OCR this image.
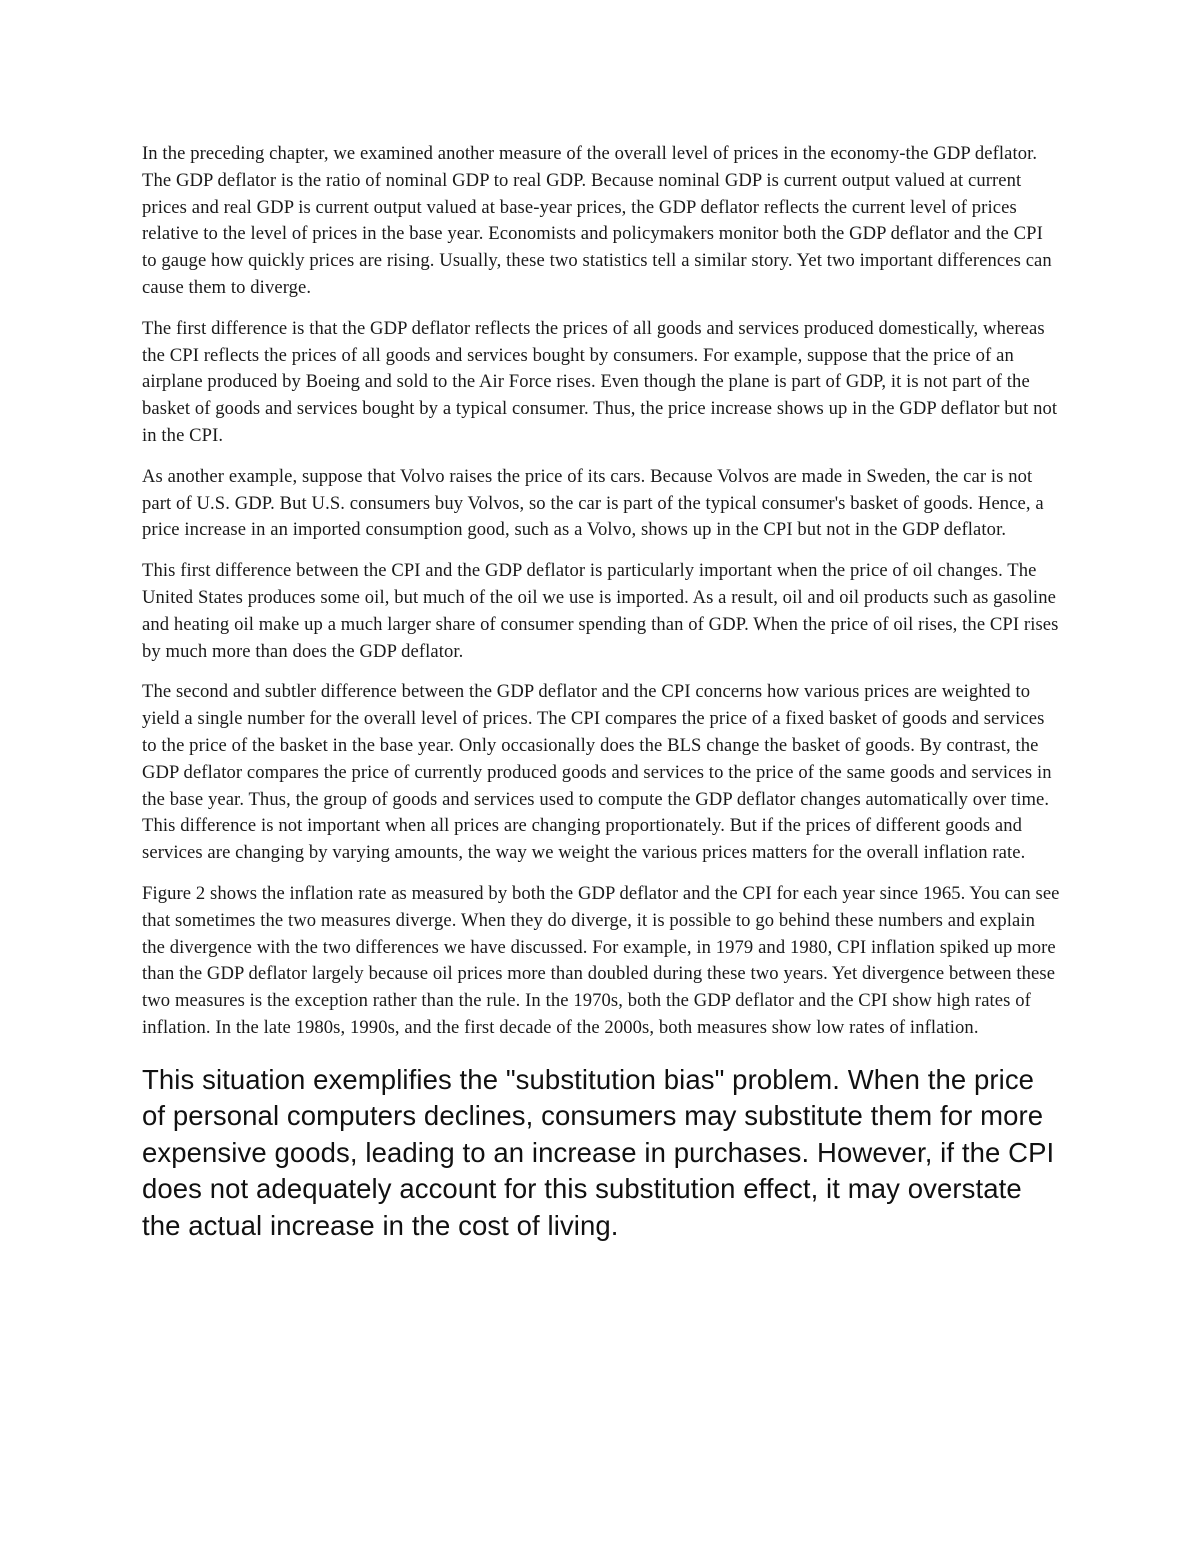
In the preceding chapter, we examined another measure of the overall level of prices in the economy-the GDP deflator. The GDP deflator is the ratio of nominal GDP to real GDP. Because nominal GDP is current output valued at current prices and real GDP is current output valued at base-year prices, the GDP deflator reflects the current level of prices relative to the level of prices in the base year. Economists and policymakers monitor both the GDP deflator and the CPI to gauge how quickly prices are rising. Usually, these two statistics tell a similar story. Yet two important differences can cause them to diverge.

The first difference is that the GDP deflator reflects the prices of all goods and services produced domestically, whereas the CPI reflects the prices of all goods and services bought by consumers. For example, suppose that the price of an airplane produced by Boeing and sold to the Air Force rises. Even though the plane is part of GDP, it is not part of the basket of goods and services bought by a typical consumer. Thus, the price increase shows up in the GDP deflator but not in the CPI.

As another example, suppose that Volvo raises the price of its cars. Because Volvos are made in Sweden, the car is not part of U.S. GDP. But U.S. consumers buy Volvos, so the car is part of the typical consumer's basket of goods. Hence, a price increase in an imported consumption good, such as a Volvo, shows up in the CPI but not in the GDP deflator.

This first difference between the CPI and the GDP deflator is particularly important when the price of oil changes. The United States produces some oil, but much of the oil we use is imported. As a result, oil and oil products such as gasoline and heating oil make up a much larger share of consumer spending than of GDP. When the price of oil rises, the CPI rises by much more than does the GDP deflator.

The second and subtler difference between the GDP deflator and the CPI concerns how various prices are weighted to yield a single number for the overall level of prices. The CPI compares the price of a fixed basket of goods and services to the price of the basket in the base year. Only occasionally does the BLS change the basket of goods. By contrast, the GDP deflator compares the price of currently produced goods and services to the price of the same goods and services in the base year. Thus, the group of goods and services used to compute the GDP deflator changes automatically over time. This difference is not important when all prices are changing proportionately. But if the prices of different goods and services are changing by varying amounts, the way we weight the various prices matters for the overall inflation rate.

Figure 2 shows the inflation rate as measured by both the GDP deflator and the CPI for each year since 1965. You can see that sometimes the two measures diverge. When they do diverge, it is possible to go behind these numbers and explain the divergence with the two differences we have discussed. For example, in 1979 and 1980, CPI inflation spiked up more than the GDP deflator largely because oil prices more than doubled during these two years. Yet divergence between these two measures is the exception rather than the rule. In the 1970s, both the GDP deflator and the CPI show high rates of inflation. In the late 1980s, 1990s, and the first decade of the 2000s, both measures show low rates of inflation.

This situation exemplifies the "substitution bias" problem. When the price of personal computers declines, consumers may substitute them for more expensive goods, leading to an increase in purchases. However, if the CPI does not adequately account for this substitution effect, it may overstate the actual increase in the cost of living.
